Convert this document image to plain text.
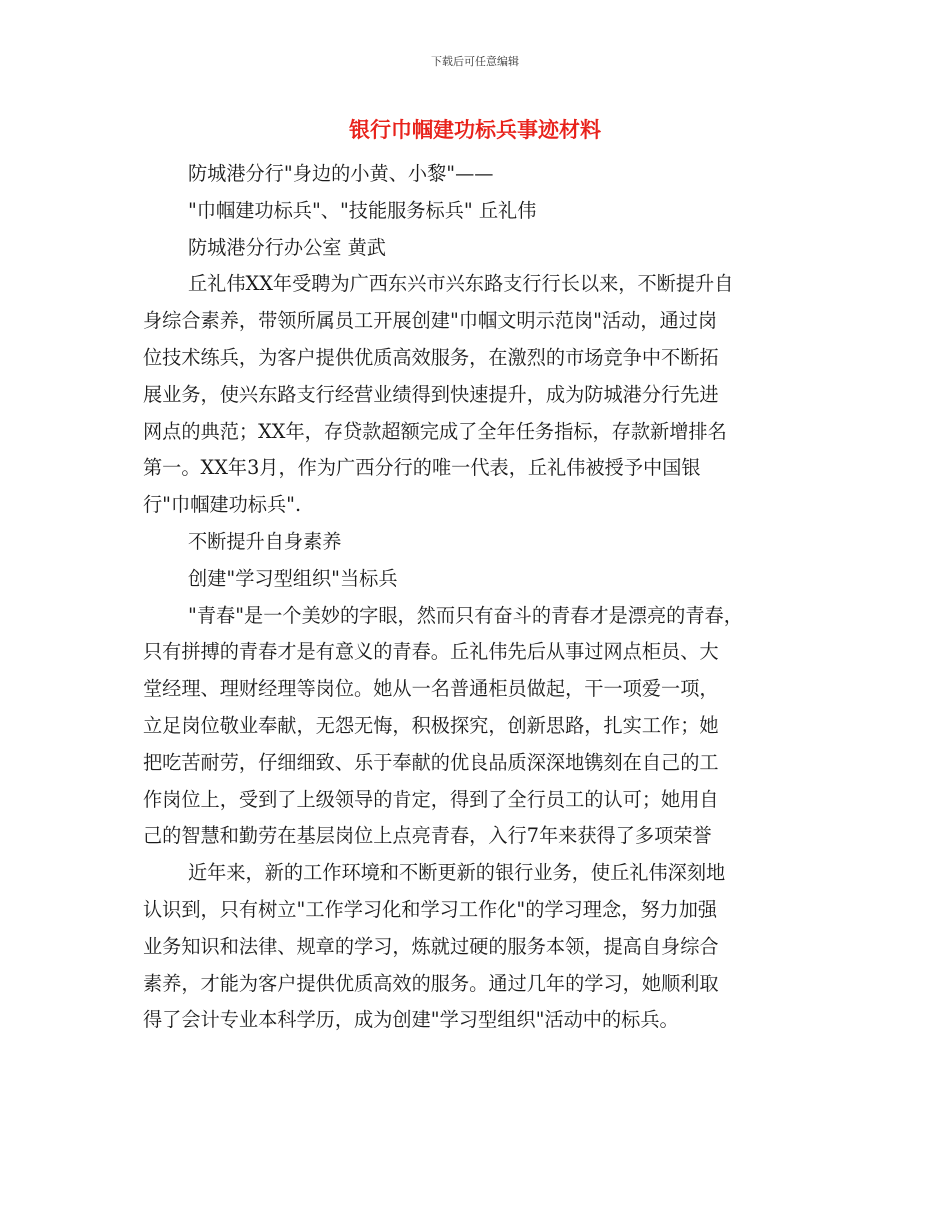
下载后可任意编辑
银行巾帼建功标兵事迹材料
防城港分行"身边的小黄、小黎"——
"巾帼建功标兵"、"技能服务标兵" 丘礼伟
防城港分行办公室 黄武
丘礼伟XX年受聘为广西东兴市兴东路支行行长以来，不断提升自
身综合素养，带领所属员工开展创建"巾帼文明示范岗"活动，通过岗
位技术练兵，为客户提供优质高效服务，在激烈的市场竞争中不断拓
展业务，使兴东路支行经营业绩得到快速提升，成为防城港分行先进
网点的典范；XX年，存贷款超额完成了全年任务指标，存款新增排名
第一。XX年3月，作为广西分行的唯一代表，丘礼伟被授予中国银
行"巾帼建功标兵".
不断提升自身素养
创建"学习型组织"当标兵
"青春"是一个美妙的字眼，然而只有奋斗的青春才是漂亮的青春，
只有拼搏的青春才是有意义的青春。丘礼伟先后从事过网点柜员、大
堂经理、理财经理等岗位。她从一名普通柜员做起，干一项爱一项，
立足岗位敬业奉献，无怨无悔，积极探究，创新思路，扎实工作；她
把吃苦耐劳，仔细细致、乐于奉献的优良品质深深地镌刻在自己的工
作岗位上，受到了上级领导的肯定，得到了全行员工的认可；她用自
己的智慧和勤劳在基层岗位上点亮青春，入行7年来获得了多项荣誉
近年来，新的工作环境和不断更新的银行业务，使丘礼伟深刻地
认识到，只有树立"工作学习化和学习工作化"的学习理念，努力加强
业务知识和法律、规章的学习，炼就过硬的服务本领，提高自身综合
素养，才能为客户提供优质高效的服务。通过几年的学习，她顺利取
得了会计专业本科学历，成为创建"学习型组织"活动中的标兵。
